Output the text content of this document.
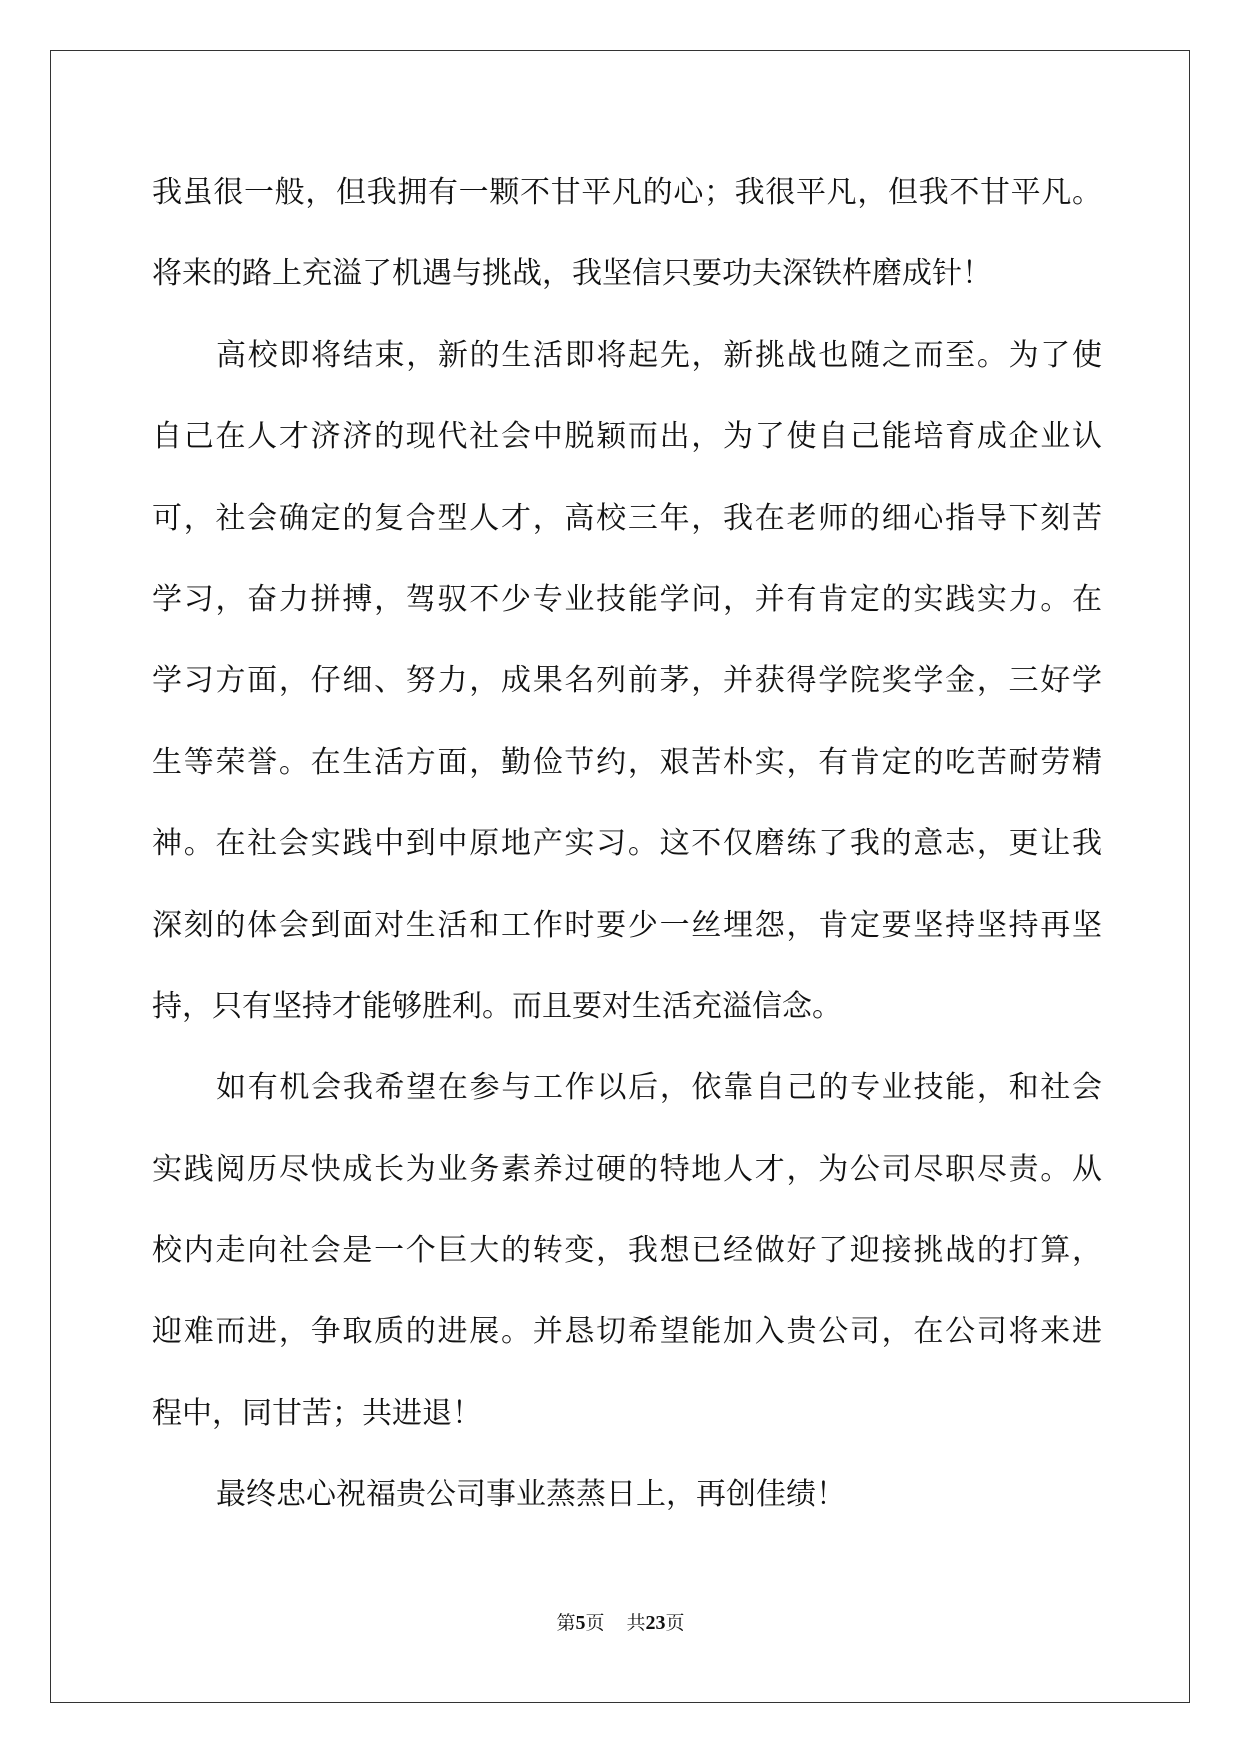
我虽很一般，但我拥有一颗不甘平凡的心；我很平凡，但我不甘平凡。
将来的路上充溢了机遇与挑战，我坚信只要功夫深铁杵磨成针！
高校即将结束，新的生活即将起先，新挑战也随之而至。为了使
自己在人才济济的现代社会中脱颖而出，为了使自己能培育成企业认
可，社会确定的复合型人才，高校三年，我在老师的细心指导下刻苦
学习，奋力拼搏，驾驭不少专业技能学问，并有肯定的实践实力。在
学习方面，仔细、努力，成果名列前茅，并获得学院奖学金，三好学
生等荣誉。在生活方面，勤俭节约，艰苦朴实，有肯定的吃苦耐劳精
神。在社会实践中到中原地产实习。这不仅磨练了我的意志，更让我
深刻的体会到面对生活和工作时要少一丝埋怨，肯定要坚持坚持再坚
持，只有坚持才能够胜利。而且要对生活充溢信念。
如有机会我希望在参与工作以后，依靠自己的专业技能，和社会
实践阅历尽快成长为业务素养过硬的特地人才，为公司尽职尽责。从
校内走向社会是一个巨大的转变，我想已经做好了迎接挑战的打算，
迎难而进，争取质的进展。并恳切希望能加入贵公司，在公司将来进
程中，同甘苦；共进退！
最终忠心祝福贵公司事业蒸蒸日上，再创佳绩！
第5页 共23页
